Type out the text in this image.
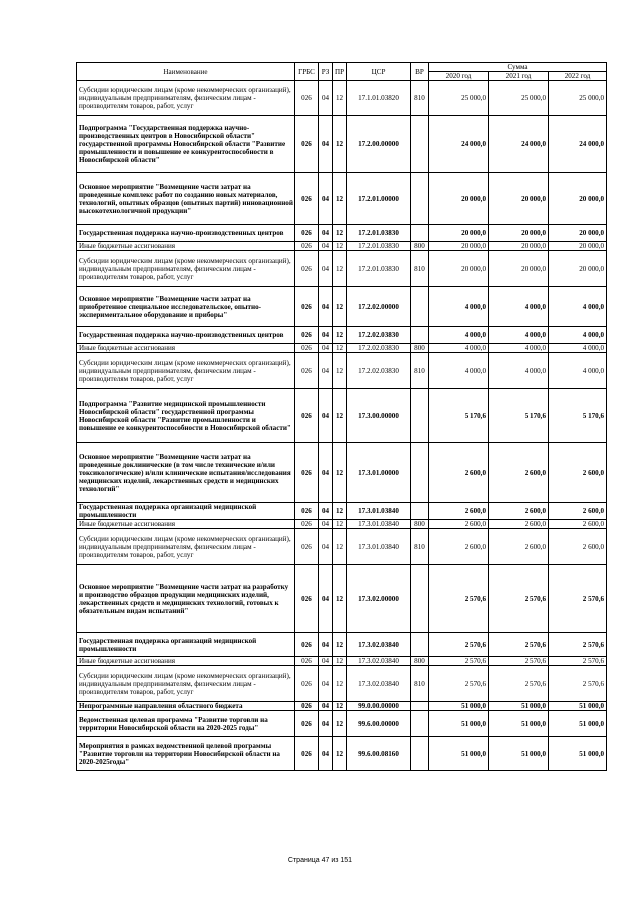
Наименование	ГРБС	РЗ	ПР	ЦСР	ВР	Сумма		
						2020 год	2021 год	2022 год
Субсидии юридическим лицам (кроме некоммерческих организаций), индивидуальным предпринимателям, физическим лицам - производителям товаров, работ, услуг	026	04	12	17.1.01.03820	810	25 000,0	25 000,0	25 000,0
Подпрограмма "Государственная поддержка научно-производственных центров в Новосибирской области" государственной программы Новосибирской области "Развитие промышленности и повышение ее конкурентоспособности в Новосибирской области"	026	04	12	17.2.00.00000		24 000,0	24 000,0	24 000,0
Основное мероприятие "Возмещение части затрат на проведенные комплекс работ по созданию новых материалов, технологий, опытных образцов (опытных партий) инновационной высокотехнологичной продукции"	026	04	12	17.2.01.00000		20 000,0	20 000,0	20 000,0
Государственная поддержка научно-производственных центров	026	04	12	17.2.01.03830		20 000,0	20 000,0	20 000,0
Иные бюджетные ассигнования	026	04	12	17.2.01.03830	800	20 000,0	20 000,0	20 000,0
Субсидии юридическим лицам (кроме некоммерческих организаций), индивидуальным предпринимателям, физическим лицам - производителям товаров, работ, услуг	026	04	12	17.2.01.03830	810	20 000,0	20 000,0	20 000,0
Основное мероприятие "Возмещение части затрат на приобретенное специальное исследовательское, опытно-экспериментальное оборудование и приборы"	026	04	12	17.2.02.00000		4 000,0	4 000,0	4 000,0
Государственная поддержка научно-производственных центров	026	04	12	17.2.02.03830		4 000,0	4 000,0	4 000,0
Иные бюджетные ассигнования	026	04	12	17.2.02.03830	800	4 000,0	4 000,0	4 000,0
Субсидии юридическим лицам (кроме некоммерческих организаций), индивидуальным предпринимателям, физическим лицам - производителям товаров, работ, услуг	026	04	12	17.2.02.03830	810	4 000,0	4 000,0	4 000,0
Подпрограмма "Развитие медицинской промышленности Новосибирской области" государственной программы Новосибирской области "Развитие промышленности и повышение ее конкурентоспособности в Новосибирской области"	026	04	12	17.3.00.00000		5 170,6	5 170,6	5 170,6
Основное мероприятие "Возмещение части затрат на проведенные доклинические (в том числе технические и/или токсикологические) и/или клинические испытания/исследования медицинских изделий, лекарственных средств и медицинских технологий"	026	04	12	17.3.01.00000		2 600,0	2 600,0	2 600,0
Государственная поддержка организаций медицинской промышленности	026	04	12	17.3.01.03840		2 600,0	2 600,0	2 600,0
Иные бюджетные ассигнования	026	04	12	17.3.01.03840	800	2 600,0	2 600,0	2 600,0
Субсидии юридическим лицам (кроме некоммерческих организаций), индивидуальным предпринимателям, физическим лицам - производителям товаров, работ, услуг	026	04	12	17.3.01.03840	810	2 600,0	2 600,0	2 600,0
Основное мероприятие "Возмещение части затрат на разработку и производство образцов продукции медицинских изделий, лекарственных средств и медицинских технологий, готовых к обязательным видам испытаний"	026	04	12	17.3.02.00000		2 570,6	2 570,6	2 570,6
Государственная поддержка организаций медицинской промышленности	026	04	12	17.3.02.03840		2 570,6	2 570,6	2 570,6
Иные бюджетные ассигнования	026	04	12	17.3.02.03840	800	2 570,6	2 570,6	2 570,6
Субсидии юридическим лицам (кроме некоммерческих организаций), индивидуальным предпринимателям, физическим лицам - производителям товаров, работ, услуг	026	04	12	17.3.02.03840	810	2 570,6	2 570,6	2 570,6
Непрограммные направления областного бюджета	026	04	12	99.0.00.00000		51 000,0	51 000,0	51 000,0
Ведомственная целевая программа "Развитие торговли на территории Новосибирской области на 2020-2025 годы"	026	04	12	99.6.00.00000		51 000,0	51 000,0	51 000,0
Мероприятия в рамках ведомственной целевой программы "Развитие торговли на территории Новосибирской области на 2020-2025годы"	026	04	12	99.6.00.08160		51 000,0	51 000,0	51 000,0
Страница 47 из 151
